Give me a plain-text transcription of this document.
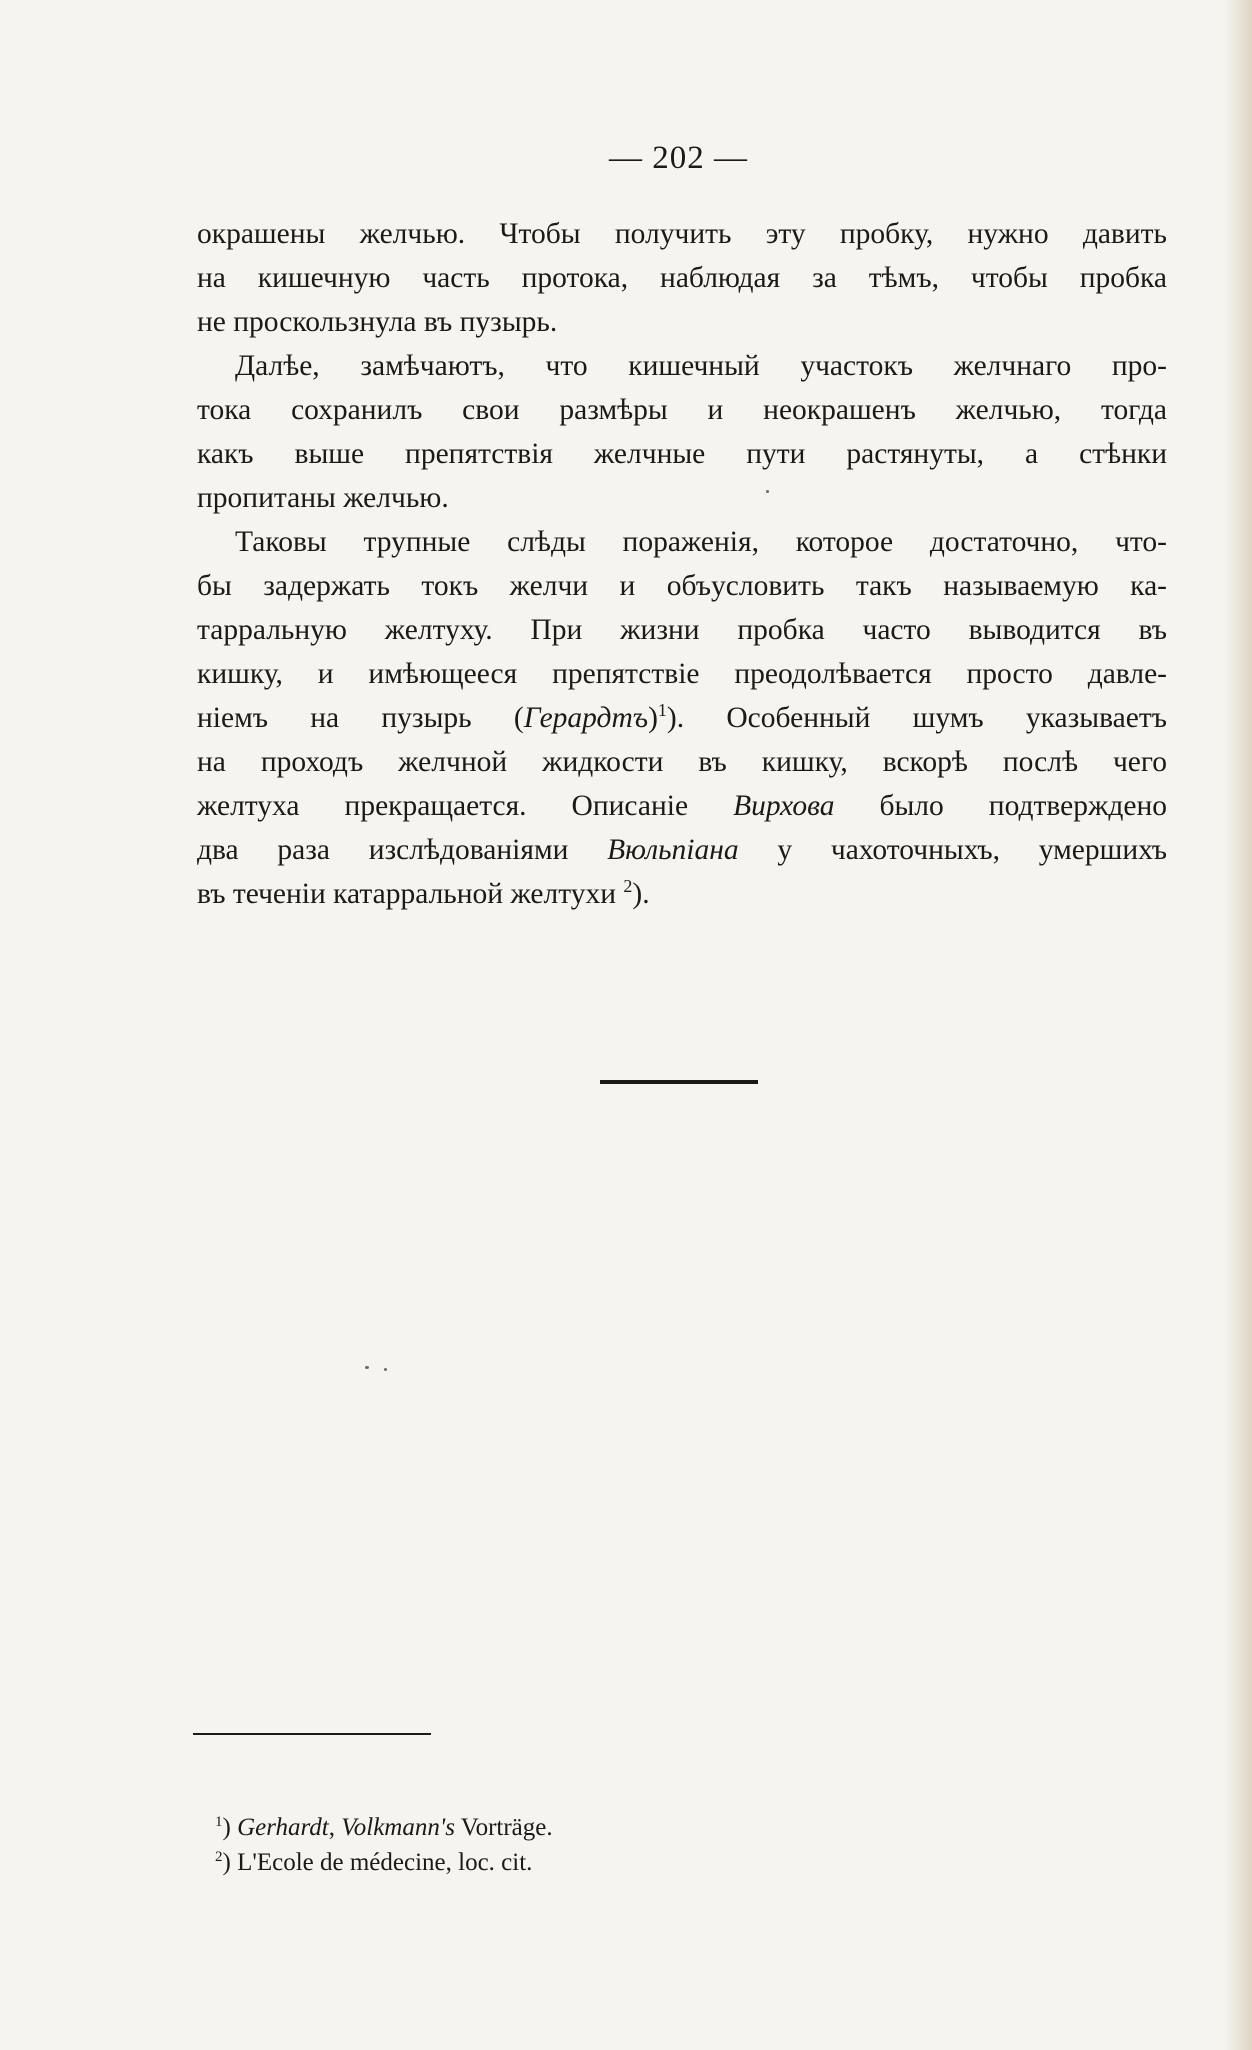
— 202 —

окрашены желчью. Чтобы получить эту пробку, нужно давить
на кишечную часть протока, наблюдая за тѣмъ, чтобы пробка
не проскользнула въ пузырь.

Далѣе, замѣчаютъ, что кишечный участокъ желчнаго про-
тока сохранилъ свои размѣры и неокрашенъ желчью, тогда
какъ выше препятствія желчные пути растянуты, а стѣнки
пропитаны желчью.

Таковы трупные слѣды пораженія, которое достаточно, что-
бы задержать токъ желчи и объусловить такъ называемую ка-
тарральную желтуху. При жизни пробка часто выводится въ
кишку, и имѣющееся препятствіе преодолѣвается просто давле-
ніемъ на пузырь (Герардтъ)$^1$). Особенный шумъ указываетъ
на проходъ желчной жидкости въ кишку, вскорѣ послѣ чего
желтуха прекращается. Описаніе Вирхова было подтверждено
два раза изслѣдованіями Вюльпіана у чахоточныхъ, умершихъ
въ теченіи катарральной желтухи $^2$).

$^1$) Gerhardt, Volkmann's Vorträge.
$^2$) L'Ecole de médecine, loc. cit.
